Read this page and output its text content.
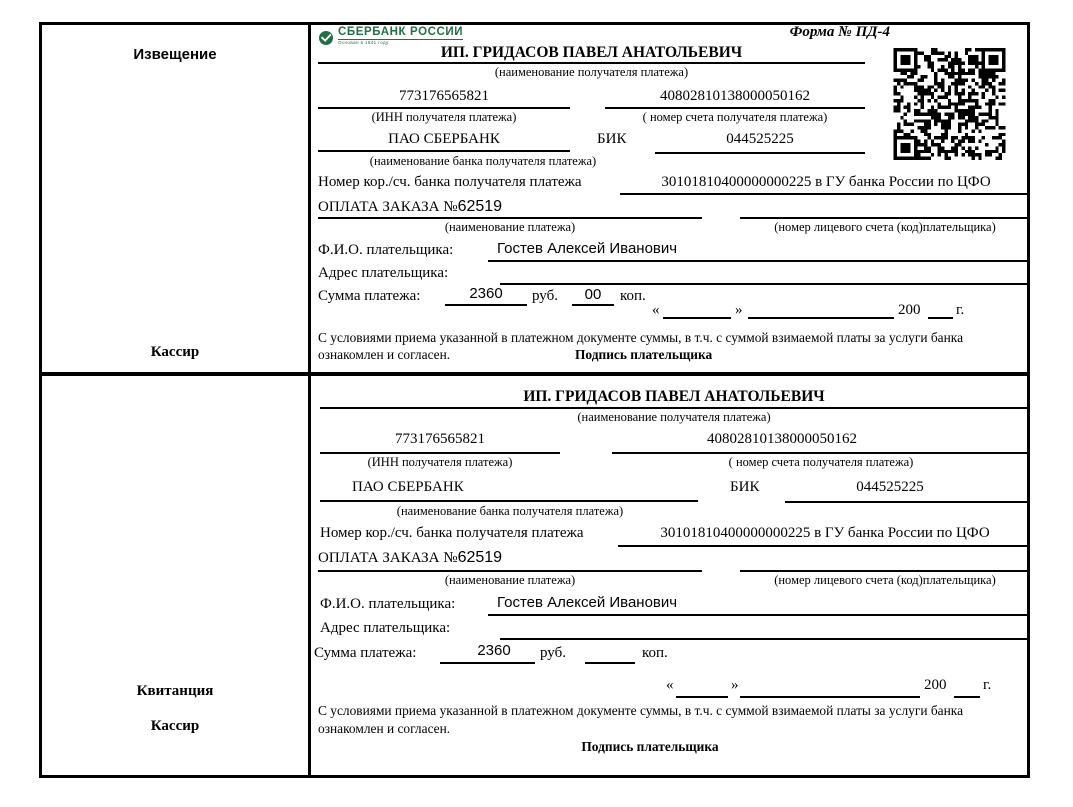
Извещение
Кассир
СБЕРБАНК РОССИИ
Основан в 1841 году
Форма № ПД-4
ИП. ГРИДАСОВ ПАВЕЛ АНАТОЛЬЕВИЧ
(наименование получателя платежа)
773176565821	40802810138000050162
(ИНН получателя платежа)	( номер счета получателя платежа)
ПАО СБЕРБАНК	БИК	044525225
(наименование банка получателя платежа)
Номер кор./сч. банка получателя платежа	30101810400000000225 в ГУ банка России по ЦФО
ОПЛАТА ЗАКАЗА №62519
(наименование платежа)	(номер лицевого счета (код)плательщика)
Ф.И.О. плательщика:	Гостев Алексей Иванович
Адрес плательщика:
Сумма платежа:	2360	руб.	00	коп.
«	»	200 г.
С условиями приема указанной в платежном документе суммы, в т.ч. с суммой взимаемой платы за услуги банка
ознакомлен и согласен.	Подпись плательщика
Квитанция
Кассир
ИП. ГРИДАСОВ ПАВЕЛ АНАТОЛЬЕВИЧ
(наименование получателя платежа)
773176565821	40802810138000050162
(ИНН получателя платежа)	( номер счета получателя платежа)
ПАО СБЕРБАНК	БИК	044525225
(наименование банка получателя платежа)
Номер кор./сч. банка получателя платежа	30101810400000000225 в ГУ банка России по ЦФО
ОПЛАТА ЗАКАЗА №62519
(наименование платежа)	(номер лицевого счета (код)плательщика)
Ф.И.О. плательщика:	Гостев Алексей Иванович
Адрес плательщика:
Сумма платежа:	2360	руб.	коп.
«	»	200 г.
С условиями приема указанной в платежном документе суммы, в т.ч. с суммой взимаемой платы за услуги банка
ознакомлен и согласен.
Подпись плательщика
